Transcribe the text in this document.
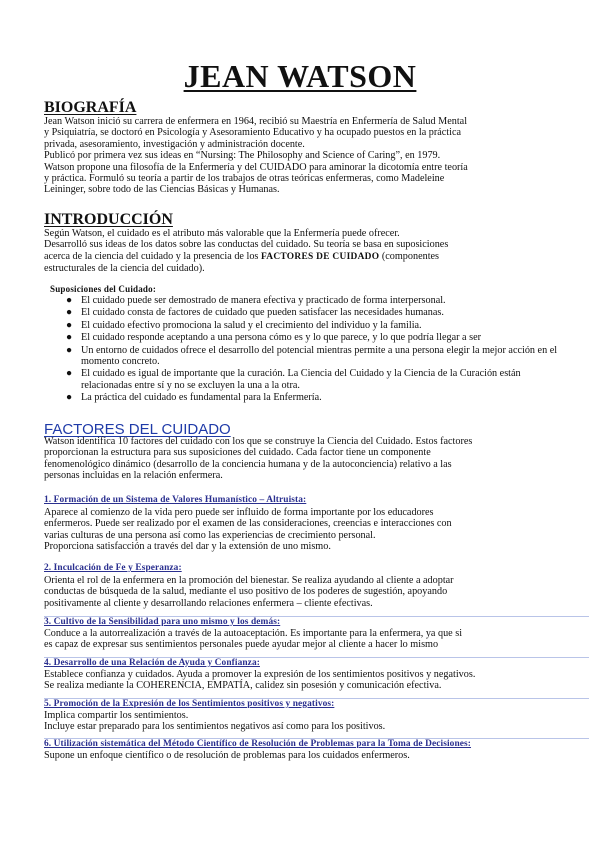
JEAN WATSON
BIOGRAFÍA

Jean Watson inició su carrera de enfermera en 1964, recibió su Maestría en Enfermería de Salud Mental

y Psiquiatría, se doctoró en Psicología y Asesoramiento Educativo y ha ocupado puestos en la práctica

privada, asesoramiento, investigación y administración docente.

Publicó por primera vez sus ideas en “Nursing: The Philosophy and Science of Caring”, en 1979.

Watson propone una filosofía de la Enfermería y del CUIDADO para aminorar la dicotomía entre teoría

y práctica. Formuló su teoría a partir de los trabajos de otras teóricas enfermeras, como Madeleine

Leininger, sobre todo de las Ciencias Básicas y Humanas.

INTRODUCCIÓN

Según Watson, el cuidado es el atributo más valorable que la Enfermería puede ofrecer.

Desarrolló sus ideas de los datos sobre las conductas del cuidado. Su teoría se basa en suposiciones

acerca de la ciencia del cuidado y la presencia de los FACTORES DE CUIDADO (componentes

estructurales de la ciencia del cuidado).

Suposiciones del Cuidado:
● El cuidado puede ser demostrado de manera efectiva y practicado de forma interpersonal.
● El cuidado consta de factores de cuidado que pueden satisfacer las necesidades humanas.
● El cuidado efectivo promociona la salud y el crecimiento del individuo y la familia.
● El cuidado responde aceptando a una persona cómo es y lo que parece, y lo que podría llegar a ser
● Un entorno de cuidados ofrece el desarrollo del potencial mientras permite a una persona elegir la mejor acción en el momento concreto.
● El cuidado es igual de importante que la curación. La Ciencia del Cuidado y la Ciencia de la Curación están relacionadas entre sí y no se excluyen la una a la otra.
● La práctica del cuidado es fundamental para la Enfermería.
FACTORES DEL CUIDADO

Watson identifica 10 factores del cuidado con los que se construye la Ciencia del Cuidado. Estos factores

proporcionan la estructura para sus suposiciones del cuidado. Cada factor tiene un componente

fenomenológico dinámico (desarrollo de la conciencia humana y de la autoconciencia) relativo a las

personas incluidas en la relación enfermera.

1. Formación de un Sistema de Valores Humanístico – Altruista:

Aparece al comienzo de la vida pero puede ser influido de forma importante por los educadores

enfermeros. Puede ser realizado por el examen de las consideraciones, creencias e interacciones con

varias culturas de una persona así como las experiencias de crecimiento personal.

Proporciona satisfacción a través del dar y la extensión de uno mismo.

2. Inculcación de Fe y Esperanza:

Orienta el rol de la enfermera en la promoción del bienestar. Se realiza ayudando al cliente a adoptar

conductas de búsqueda de la salud, mediante el uso positivo de los poderes de sugestión, apoyando

positivamente al cliente y desarrollando relaciones enfermera – cliente efectivas.

3. Cultivo de la Sensibilidad para uno mismo y los demás:

Conduce a la autorrealización a través de la autoaceptación. Es importante para la enfermera, ya que si

es capaz de expresar sus sentimientos personales puede ayudar mejor al cliente a hacer lo mismo

4. Desarrollo de una Relación de Ayuda y Confianza:

Establece confianza y cuidados. Ayuda a promover la expresión de los sentimientos positivos y negativos.

Se realiza mediante la COHERENCIA, EMPATÍA, calidez sin posesión y comunicación efectiva.

5. Promoción de la Expresión de los Sentimientos positivos y negativos:

Implica compartir los sentimientos.

Incluye estar preparado para los sentimientos negativos así como para los positivos.

6. Utilización sistemática del Método Científico de Resolución de Problemas para la Toma de Decisiones:

Supone un enfoque científico o de resolución de problemas para los cuidados enfermeros.
